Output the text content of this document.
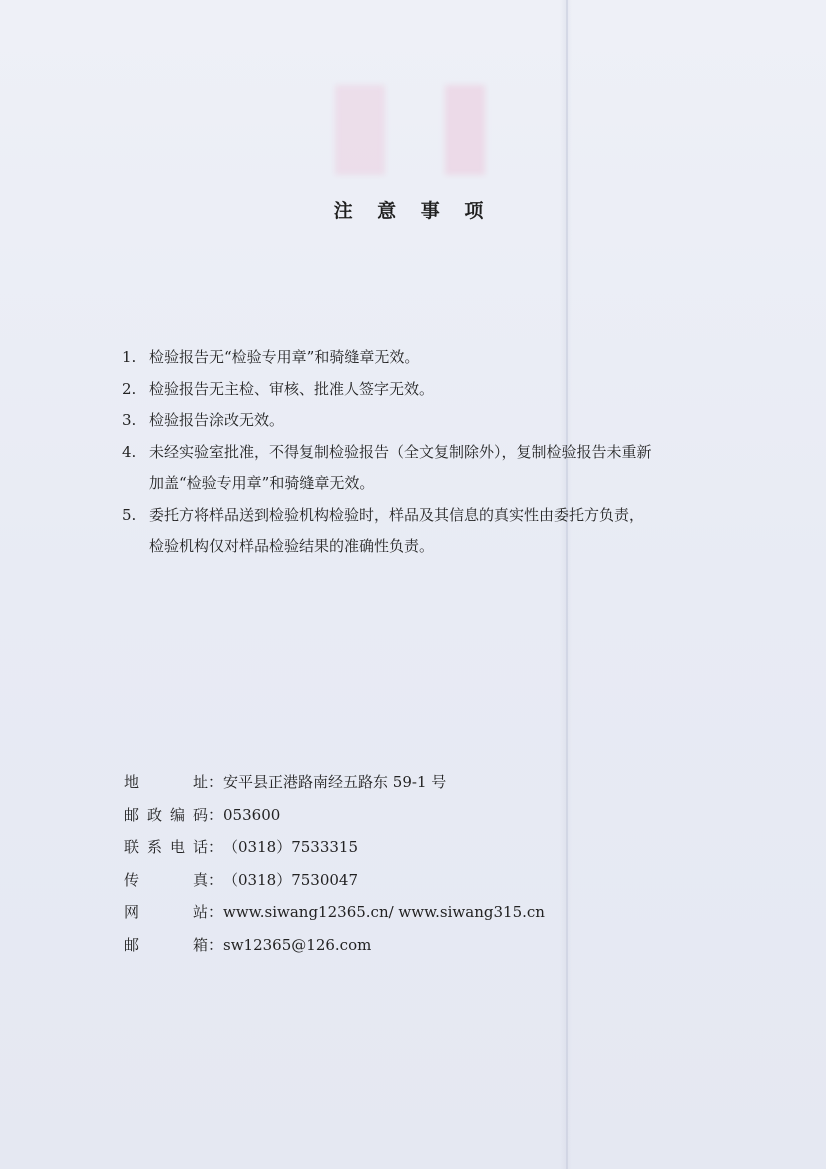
注 意 事 项
1. 检验报告无“检验专用章”和骑缝章无效。
2. 检验报告无主检、审核、批准人签字无效。
3. 检验报告涂改无效。
4. 未经实验室批准，不得复制检验报告（全文复制除外），复制检验报告未重新
加盖“检验专用章”和骑缝章无效。
5. 委托方将样品送到检验机构检验时，样品及其信息的真实性由委托方负责，
检验机构仅对样品检验结果的准确性负责。
地　　址 ： 安平县正港路南经五路东 59-1 号
邮政编码 ： 053600
联系电话 ： （0318）7533315
传　　真 ： （0318）7530047
网　　站 ： www.siwang12365.cn/ www.siwang315.cn
邮　　箱 ： sw12365@126.com
